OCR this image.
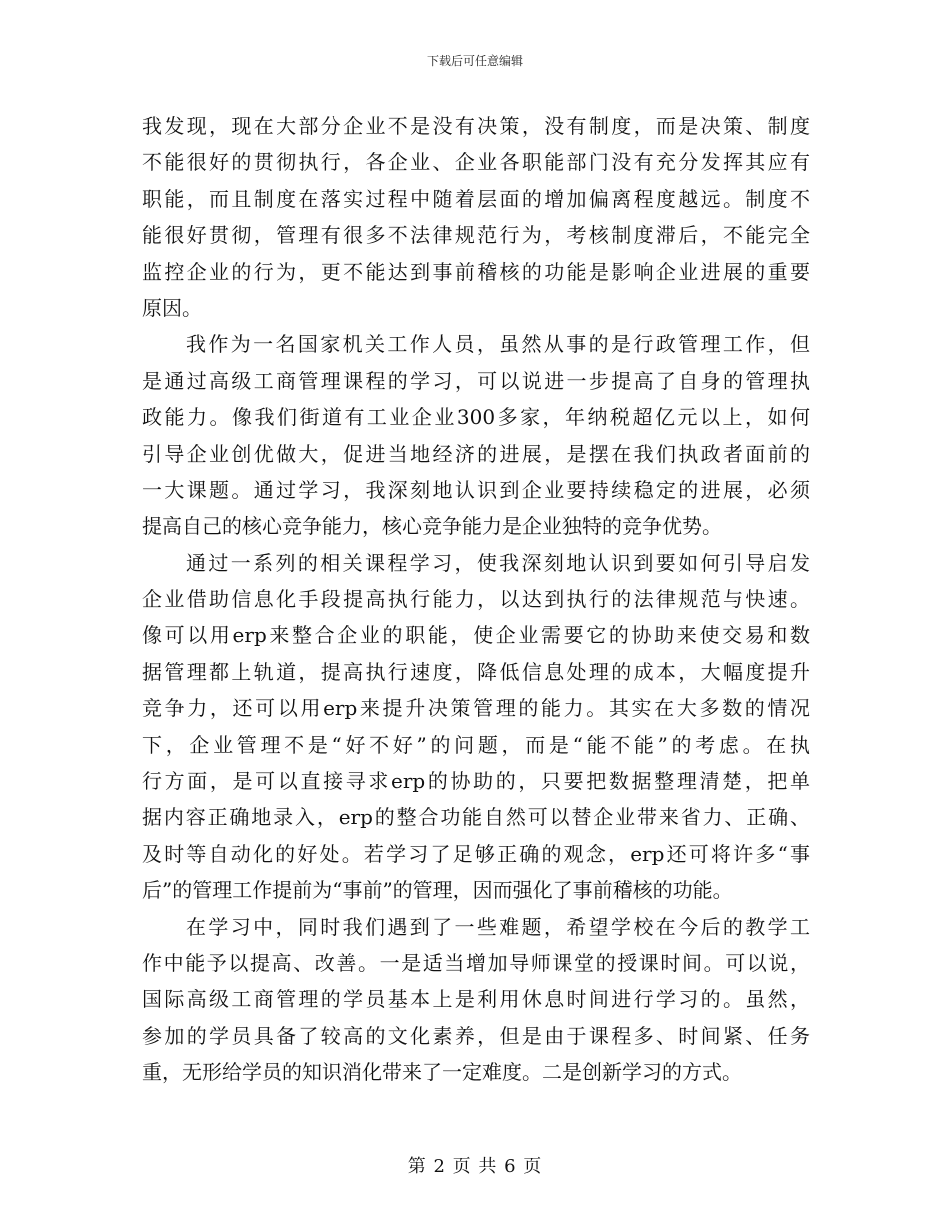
下载后可任意编辑
我发现，现在大部分企业不是没有决策，没有制度，而是决策、制度
不能很好的贯彻执行，各企业、企业各职能部门没有充分发挥其应有
职能，而且制度在落实过程中随着层面的增加偏离程度越远。制度不
能很好贯彻，管理有很多不法律规范行为，考核制度滞后，不能完全
监控企业的行为，更不能达到事前稽核的功能是影响企业进展的重要
原因。
我作为一名国家机关工作人员，虽然从事的是行政管理工作，但
是通过高级工商管理课程的学习，可以说进一步提高了自身的管理执
政能力。像我们街道有工业企业300多家，年纳税超亿元以上，如何
引导企业创优做大，促进当地经济的进展，是摆在我们执政者面前的
一大课题。通过学习，我深刻地认识到企业要持续稳定的进展，必须
提高自己的核心竞争能力，核心竞争能力是企业独特的竞争优势。
通过一系列的相关课程学习，使我深刻地认识到要如何引导启发
企业借助信息化手段提高执行能力，以达到执行的法律规范与快速。
像可以用erp来整合企业的职能，使企业需要它的协助来使交易和数
据管理都上轨道，提高执行速度，降低信息处理的成本，大幅度提升
竞争力，还可以用erp来提升决策管理的能力。其实在大多数的情况
下，企业管理不是“好不好”的问题，而是“能不能”的考虑。在执
行方面，是可以直接寻求erp的协助的，只要把数据整理清楚，把单
据内容正确地录入，erp的整合功能自然可以替企业带来省力、正确、
及时等自动化的好处。若学习了足够正确的观念，erp还可将许多“事
后”的管理工作提前为“事前”的管理，因而强化了事前稽核的功能。
在学习中，同时我们遇到了一些难题，希望学校在今后的教学工
作中能予以提高、改善。一是适当增加导师课堂的授课时间。可以说，
国际高级工商管理的学员基本上是利用休息时间进行学习的。虽然，
参加的学员具备了较高的文化素养，但是由于课程多、时间紧、任务
重，无形给学员的知识消化带来了一定难度。二是创新学习的方式。
第 2 页 共 6 页
